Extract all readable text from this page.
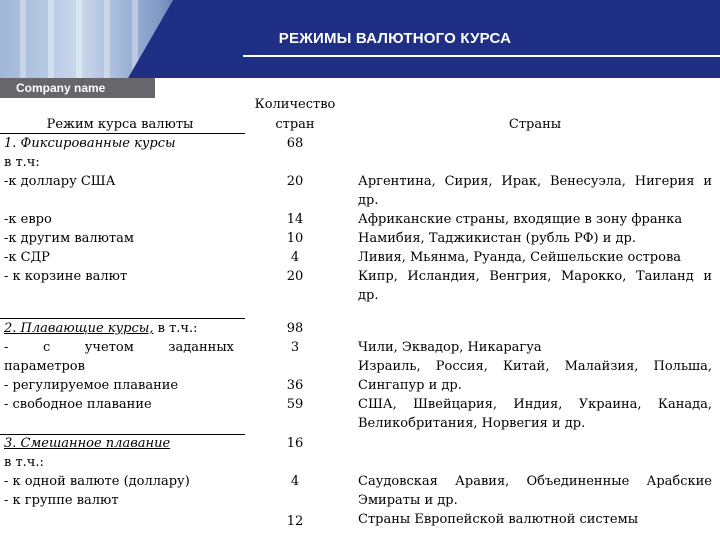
РЕЖИМЫ ВАЛЮТНОГО КУРСА
Company name
Режим курса валюты
Количество
стран	Страны
1. Фиксированные курсы
в т.ч:
-к доллару США
-к евро
-к другим валютам
-к СДР
- к корзине валют
2. Плавающие курсы, в т.ч.:
- с учетом заданных
параметров
- регулируемое плавание
- свободное плавание
3. Смешанное плавание
в т.ч.:
- к одной валюте (доллару)
- к группе валют
68
20
14
10
4
20
98
3
36
59
16
4
12
Аргентина, Сирия, Ирак, Венесуэла, Нигерия и
др.
Африканские страны, входящие в зону франка
Намибия, Таджикистан (рубль РФ) и др.
Ливия, Мьянма, Руанда, Сейшельские острова
Кипр, Исландия, Венгрия, Марокко, Таиланд и
др.
Чили, Эквадор, Никарагуа
Израиль, Россия, Китай, Малайзия, Польша,
Сингапур и др.
США, Швейцария, Индия, Украина, Канада,
Великобритания, Норвегия и др.
Саудовская Аравия, Объединенные Арабские
Эмираты и др.
Страны Европейской валютной системы
